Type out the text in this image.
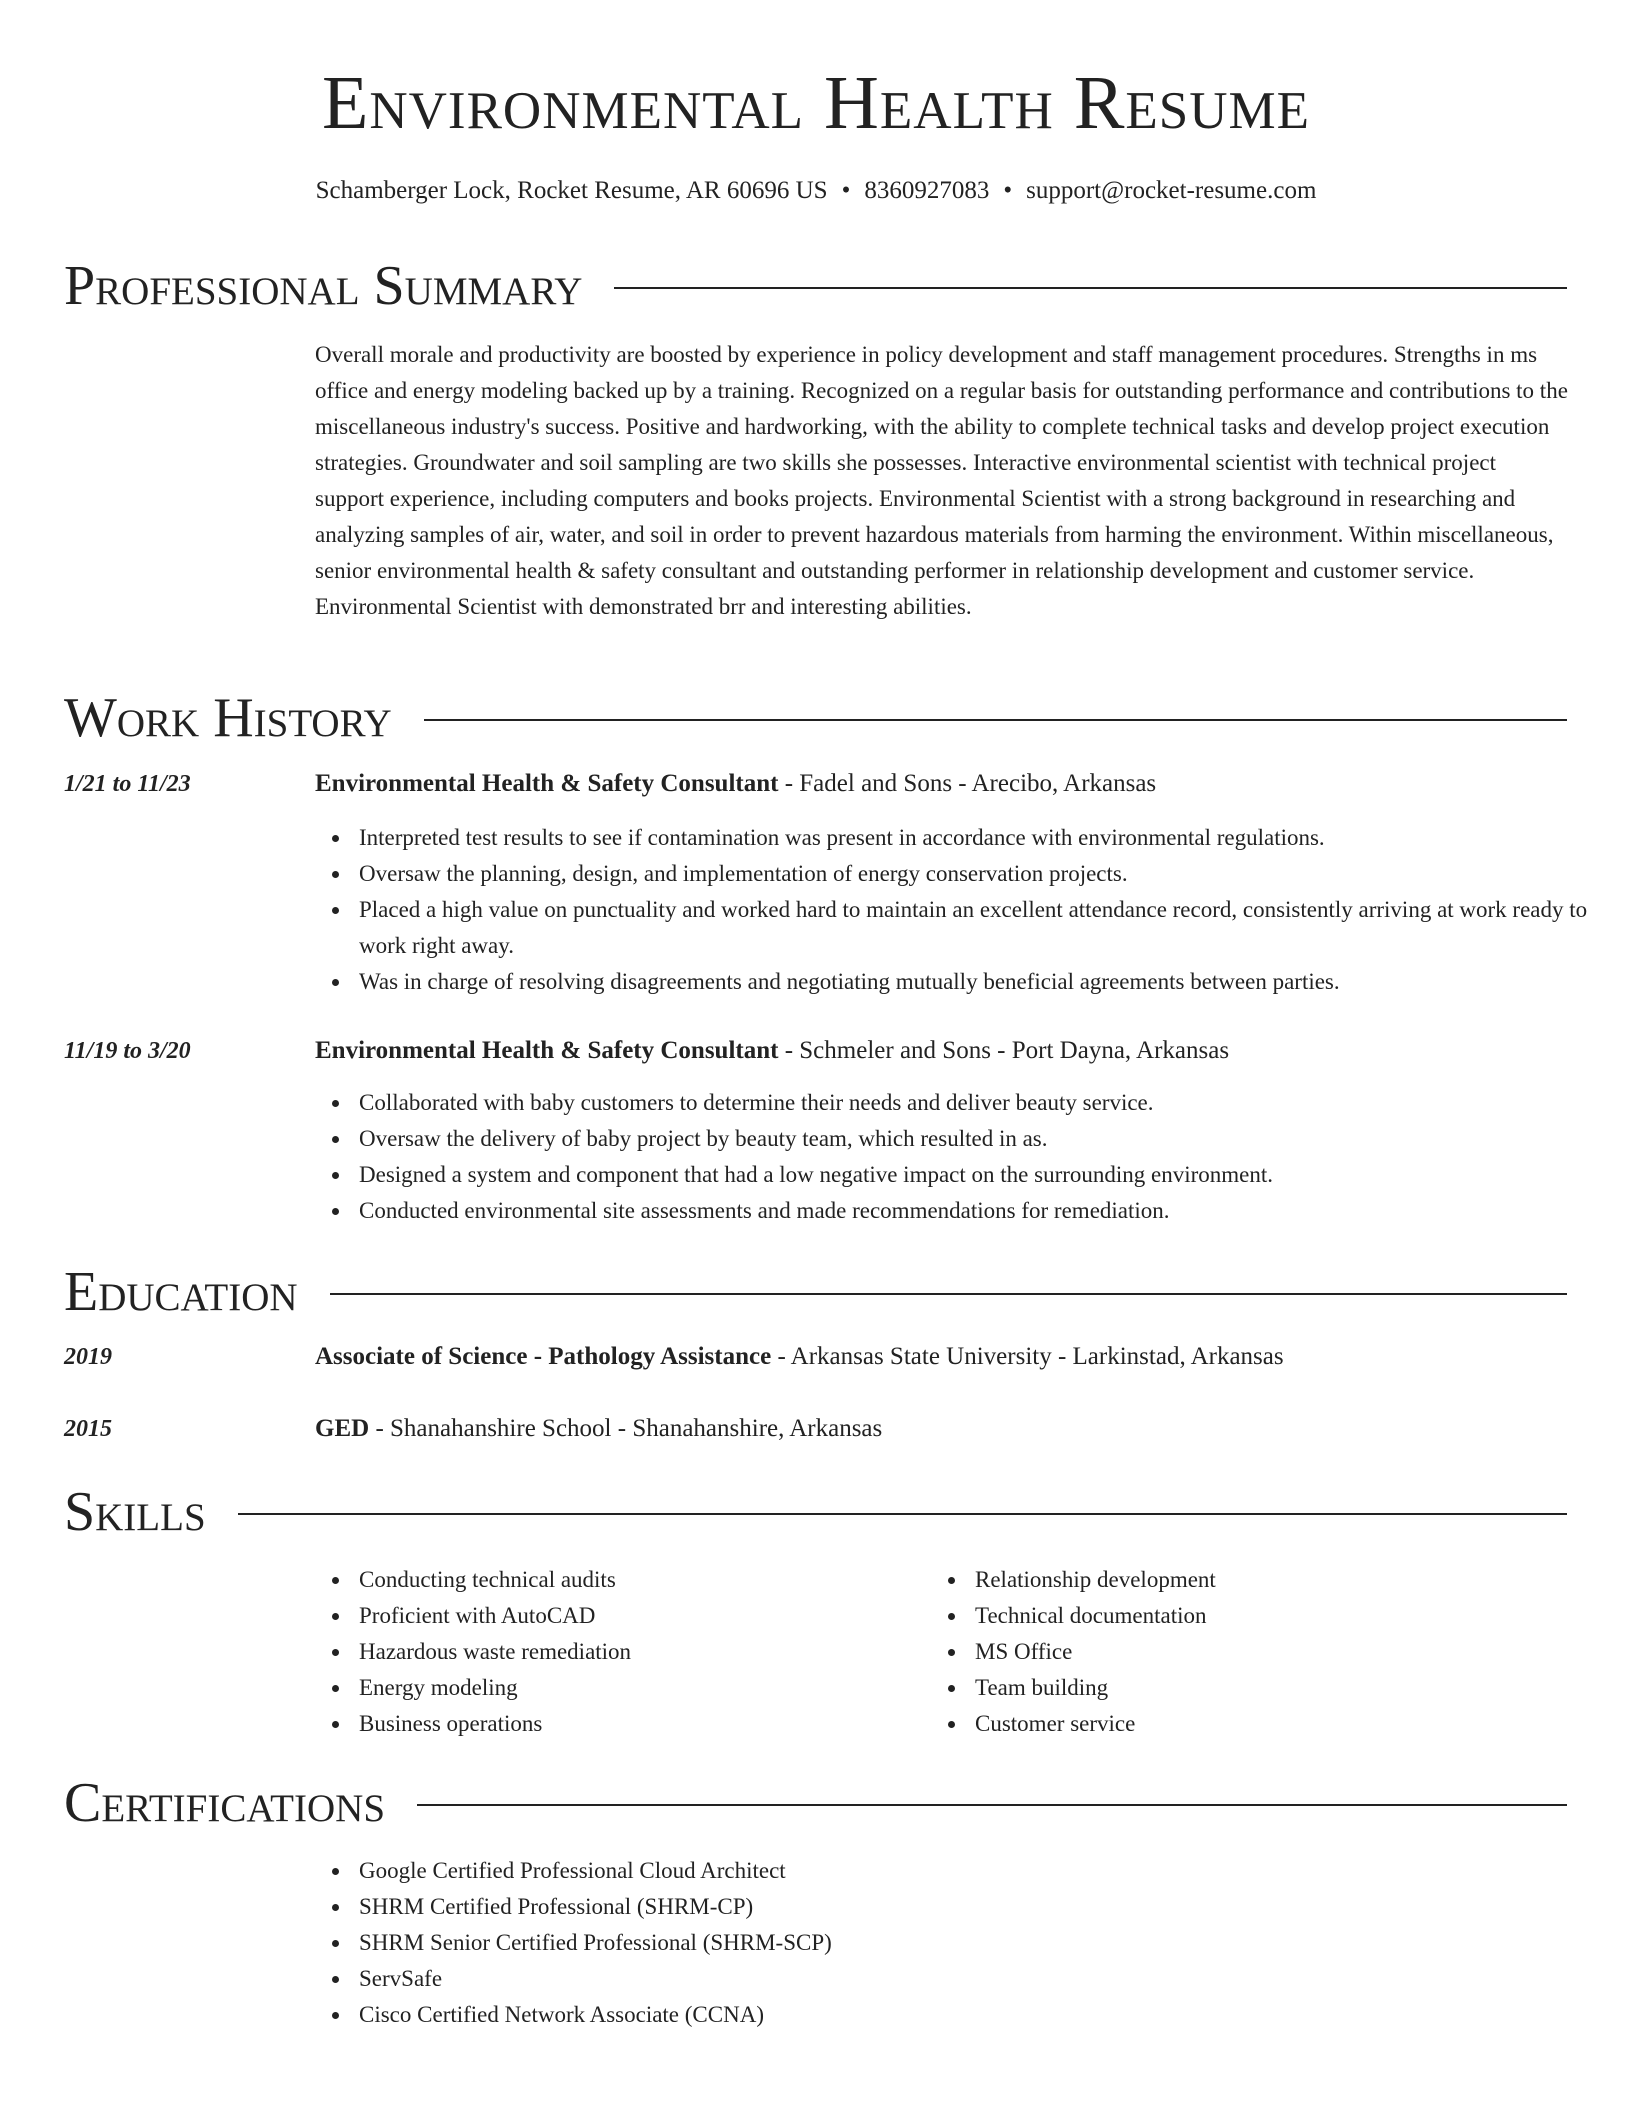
Environmental Health Resume
Schamberger Lock, Rocket Resume, AR 60696 US • 8360927083 • support@rocket-resume.com
Professional Summary

Overall morale and productivity are boosted by experience in policy development and staff management procedures. Strengths in ms office and energy modeling backed up by a training. Recognized on a regular basis for outstanding performance and contributions to the miscellaneous industry's success. Positive and hardworking, with the ability to complete technical tasks and develop project execution strategies. Groundwater and soil sampling are two skills she possesses. Interactive environmental scientist with technical project support experience, including computers and books projects. Environmental Scientist with a strong background in researching and analyzing samples of air, water, and soil in order to prevent hazardous materials from harming the environment. Within miscellaneous, senior environmental health & safety consultant and outstanding performer in relationship development and customer service. Environmental Scientist with demonstrated brr and interesting abilities.

Work History
1/21 to 11/23	Environmental Health & Safety Consultant - Fadel and Sons - Arecibo, Arkansas
Interpreted test results to see if contamination was present in accordance with environmental regulations.
Oversaw the planning, design, and implementation of energy conservation projects.
Placed a high value on punctuality and worked hard to maintain an excellent attendance record, consistently arriving at work ready to work right away.
Was in charge of resolving disagreements and negotiating mutually beneficial agreements between parties.
11/19 to 3/20	Environmental Health & Safety Consultant - Schmeler and Sons - Port Dayna, Arkansas
Collaborated with baby customers to determine their needs and deliver beauty service.
Oversaw the delivery of baby project by beauty team, which resulted in as.
Designed a system and component that had a low negative impact on the surrounding environment.
Conducted environmental site assessments and made recommendations for remediation.
Education
2019	Associate of Science - Pathology Assistance - Arkansas State University - Larkinstad, Arkansas
2015	GED - Shanahanshire School - Shanahanshire, Arkansas
Skills
Conducting technical audits
Proficient with AutoCAD
Hazardous waste remediation
Energy modeling
Business operations
Relationship development
Technical documentation
MS Office
Team building
Customer service
Certifications
Google Certified Professional Cloud Architect
SHRM Certified Professional (SHRM-CP)
SHRM Senior Certified Professional (SHRM-SCP)
ServSafe
Cisco Certified Network Associate (CCNA)
